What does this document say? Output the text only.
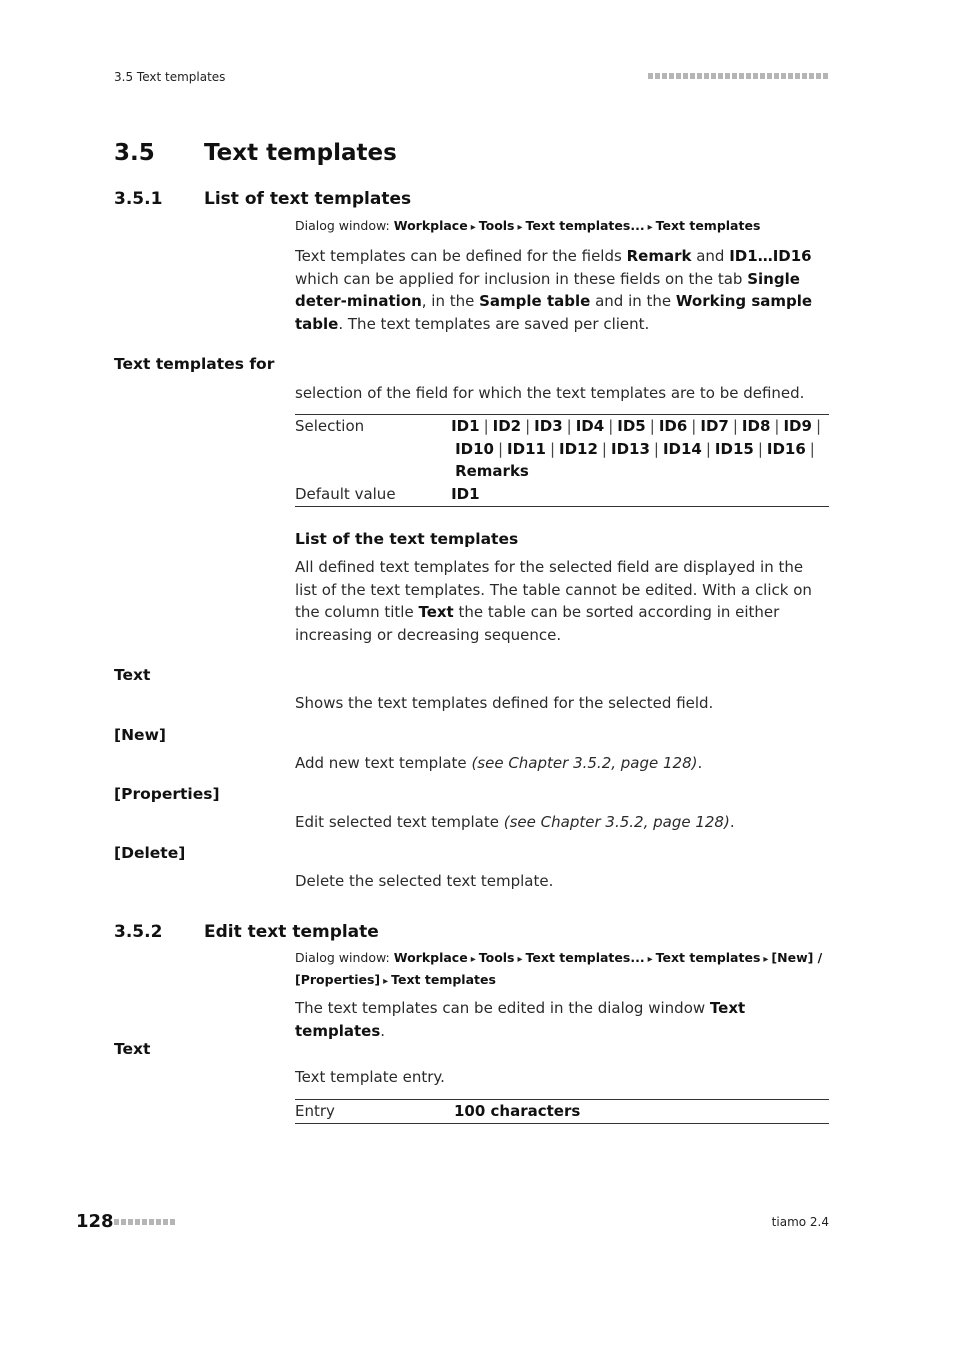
3.5 Text templates
3.5 Text templates
3.5.1 List of text templates
Dialog window: Workplace ▸ Tools ▸ Text templates... ▸ Text templates
Text templates can be defined for the fields Remark and ID1…ID16 which can be applied for inclusion in these fields on the tab Single deter-mination, in the Sample table and in the Working sample table. The text templates are saved per client.
Text templates for
selection of the field for which the text templates are to be defined.
Selection	ID1 | ID2 | ID3 | ID4 | ID5 | ID6 | ID7 | ID8 | ID9 |
ID10 | ID11 | ID12 | ID13 | ID14 | ID15 | ID16 |
Remarks
Default value	ID1
List of the text templates
All defined text templates for the selected field are displayed in the list of the text templates. The table cannot be edited. With a click on the column title Text the table can be sorted according in either increasing or decreasing sequence.
Text
Shows the text templates defined for the selected field.
[New]
Add new text template (see Chapter 3.5.2, page 128).
[Properties]
Edit selected text template (see Chapter 3.5.2, page 128).
[Delete]
Delete the selected text template.
3.5.2 Edit text template
Dialog window: Workplace ▸ Tools ▸ Text templates... ▸ Text templates ▸ [New] / [Properties] ▸ Text templates
The text templates can be edited in the dialog window Text templates.
Text
Text template entry.
Entry	100 characters
128	tiamo 2.4
